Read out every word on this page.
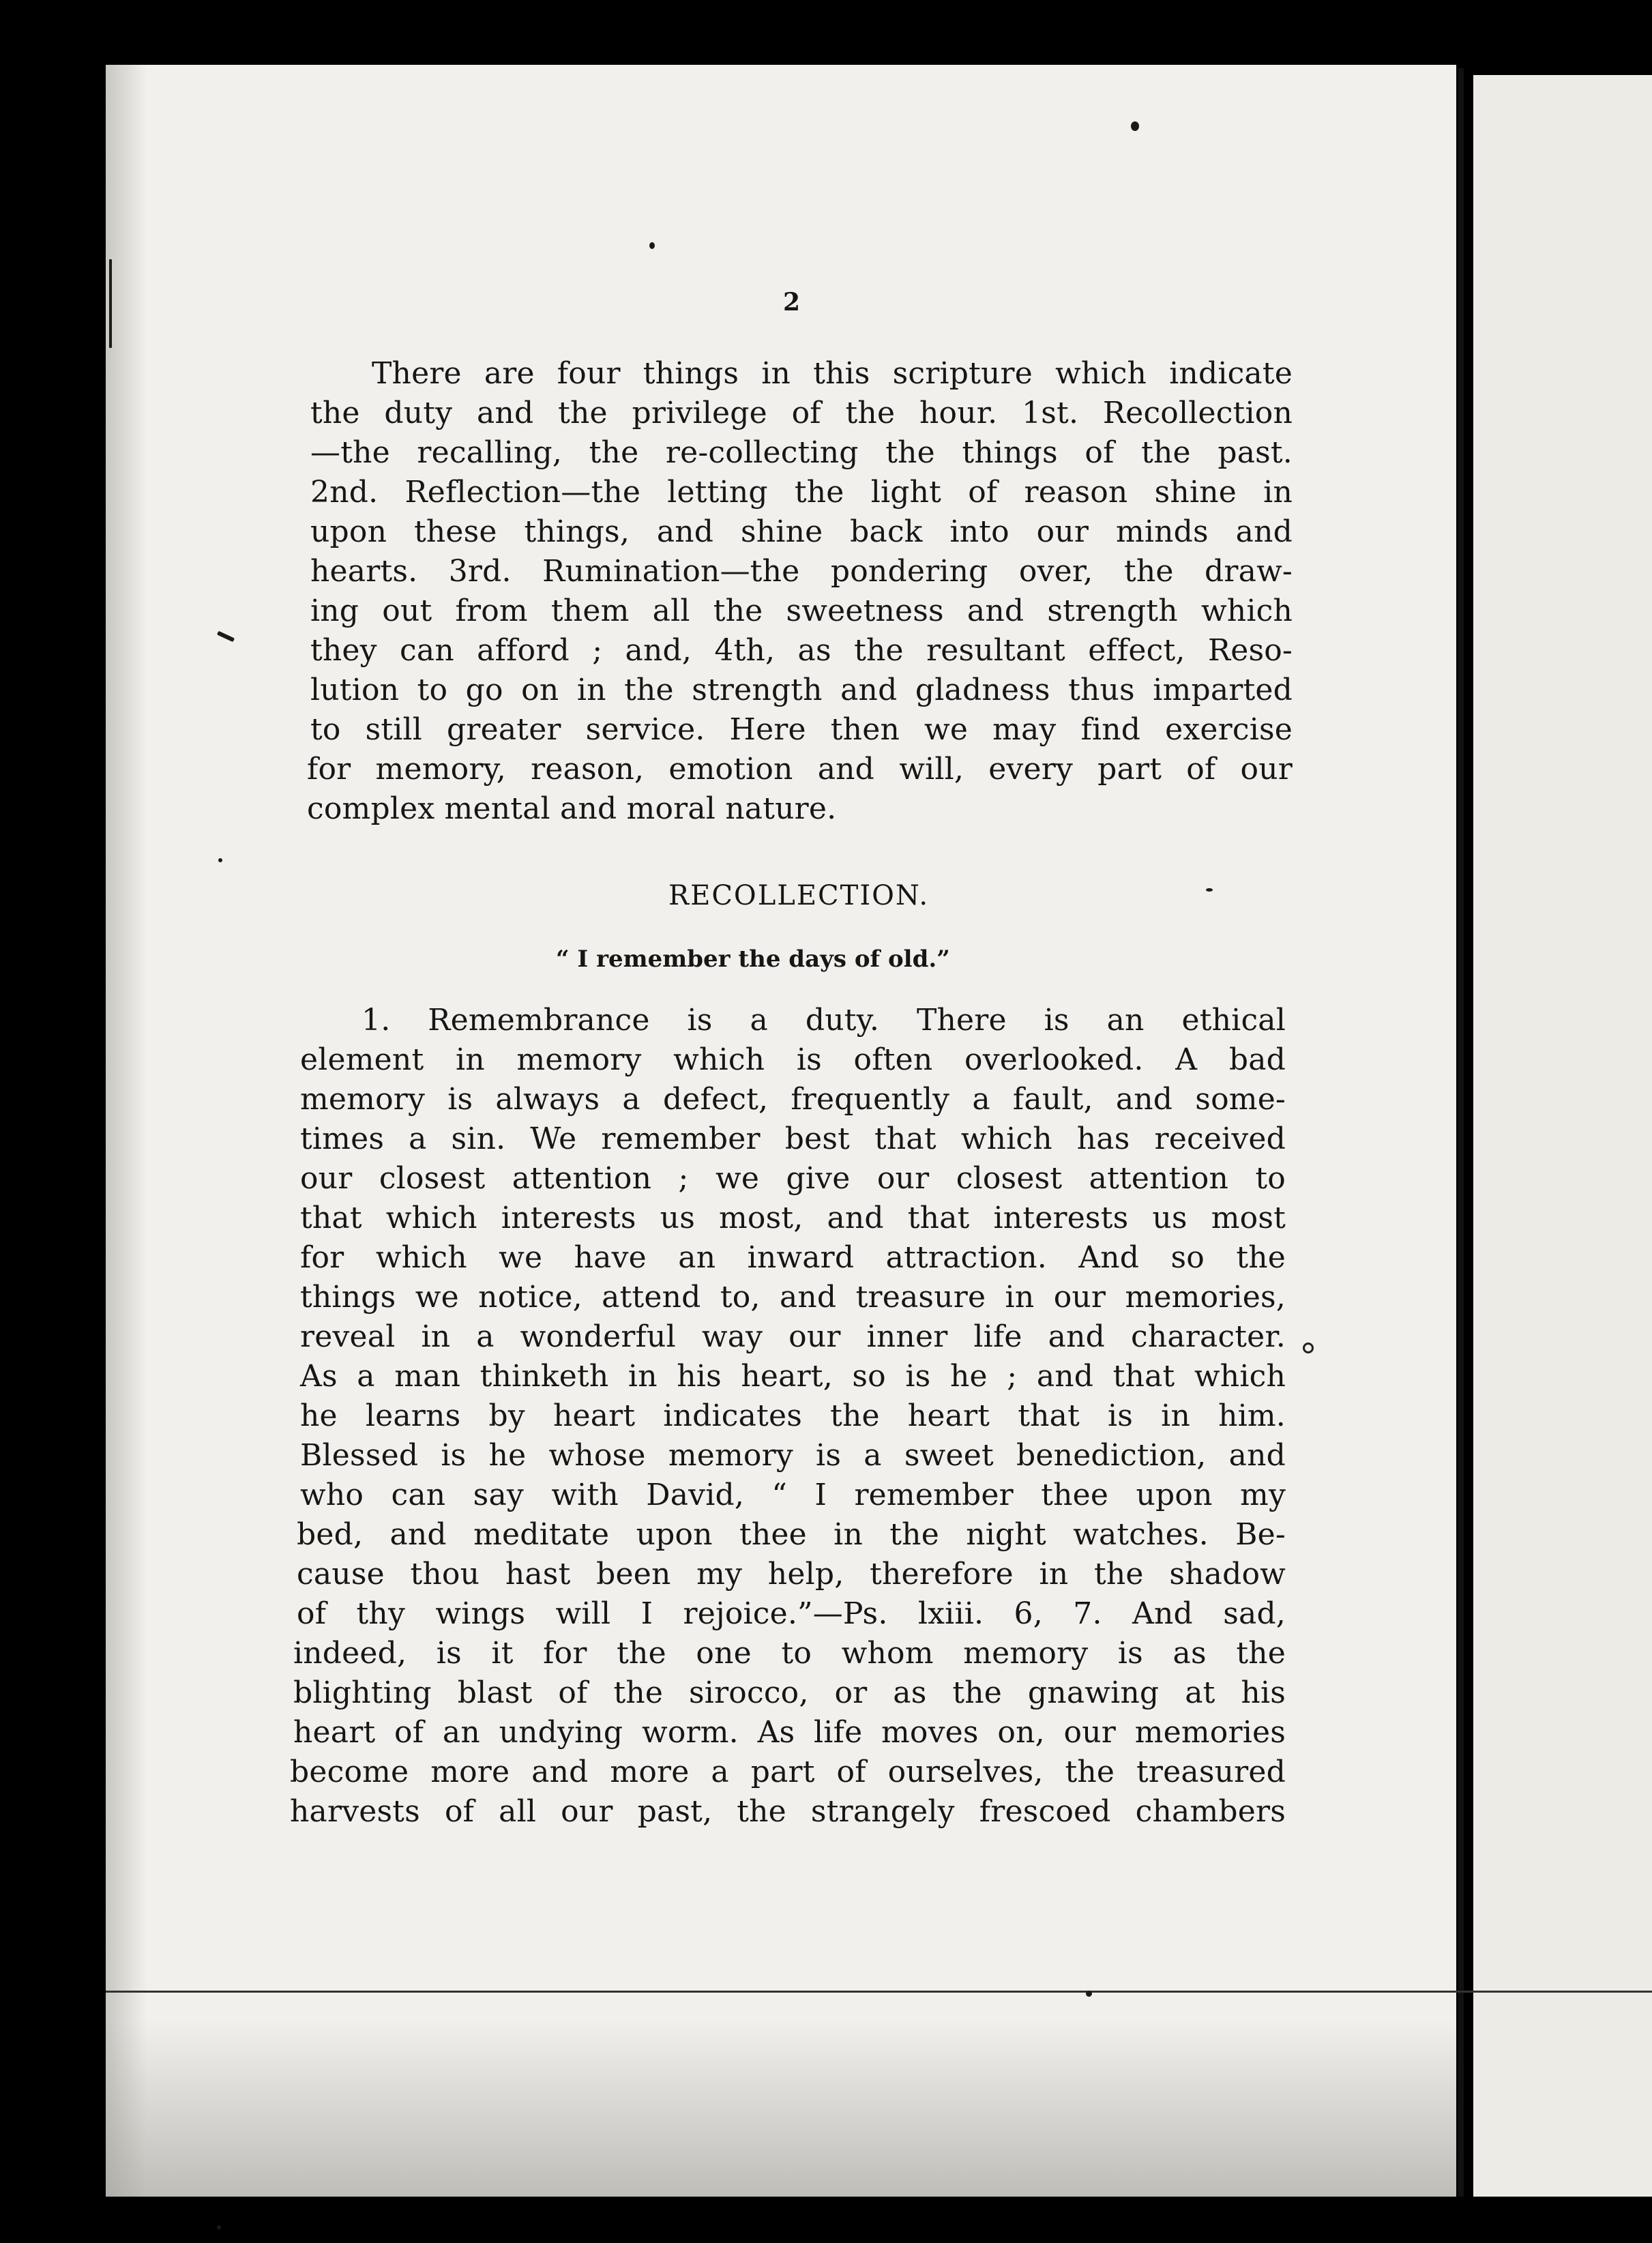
2
There are four things in this scripture which indicate
the duty and the privilege of the hour. 1st. Recollection
—the recalling, the re-collecting the things of the past.
2nd. Reflection—the letting the light of reason shine in
upon these things, and shine back into our minds and
hearts. 3rd. Rumination—the pondering over, the draw-
ing out from them all the sweetness and strength which
they can afford ; and, 4th, as the resultant effect, Reso-
lution to go on in the strength and gladness thus imparted
to still greater service. Here then we may find exercise
for memory, reason, emotion and will, every part of our
complex mental and moral nature.
RECOLLECTION.
“ I remember the days of old.”
1. Remembrance is a duty. There is an ethical
element in memory which is often overlooked. A bad
memory is always a defect, frequently a fault, and some-
times a sin. We remember best that which has received
our closest attention ; we give our closest attention to
that which interests us most, and that interests us most
for which we have an inward attraction. And so the
things we notice, attend to, and treasure in our memories,
reveal in a wonderful way our inner life and character.
As a man thinketh in his heart, so is he ; and that which
he learns by heart indicates the heart that is in him.
Blessed is he whose memory is a sweet benediction, and
who can say with David, “ I remember thee upon my
bed, and meditate upon thee in the night watches. Be-
cause thou hast been my help, therefore in the shadow
of thy wings will I rejoice.”—Ps. lxiii. 6, 7. And sad,
indeed, is it for the one to whom memory is as the
blighting blast of the sirocco, or as the gnawing at his
heart of an undying worm. As life moves on, our memories
become more and more a part of ourselves, the treasured
harvests of all our past, the strangely frescoed chambers
